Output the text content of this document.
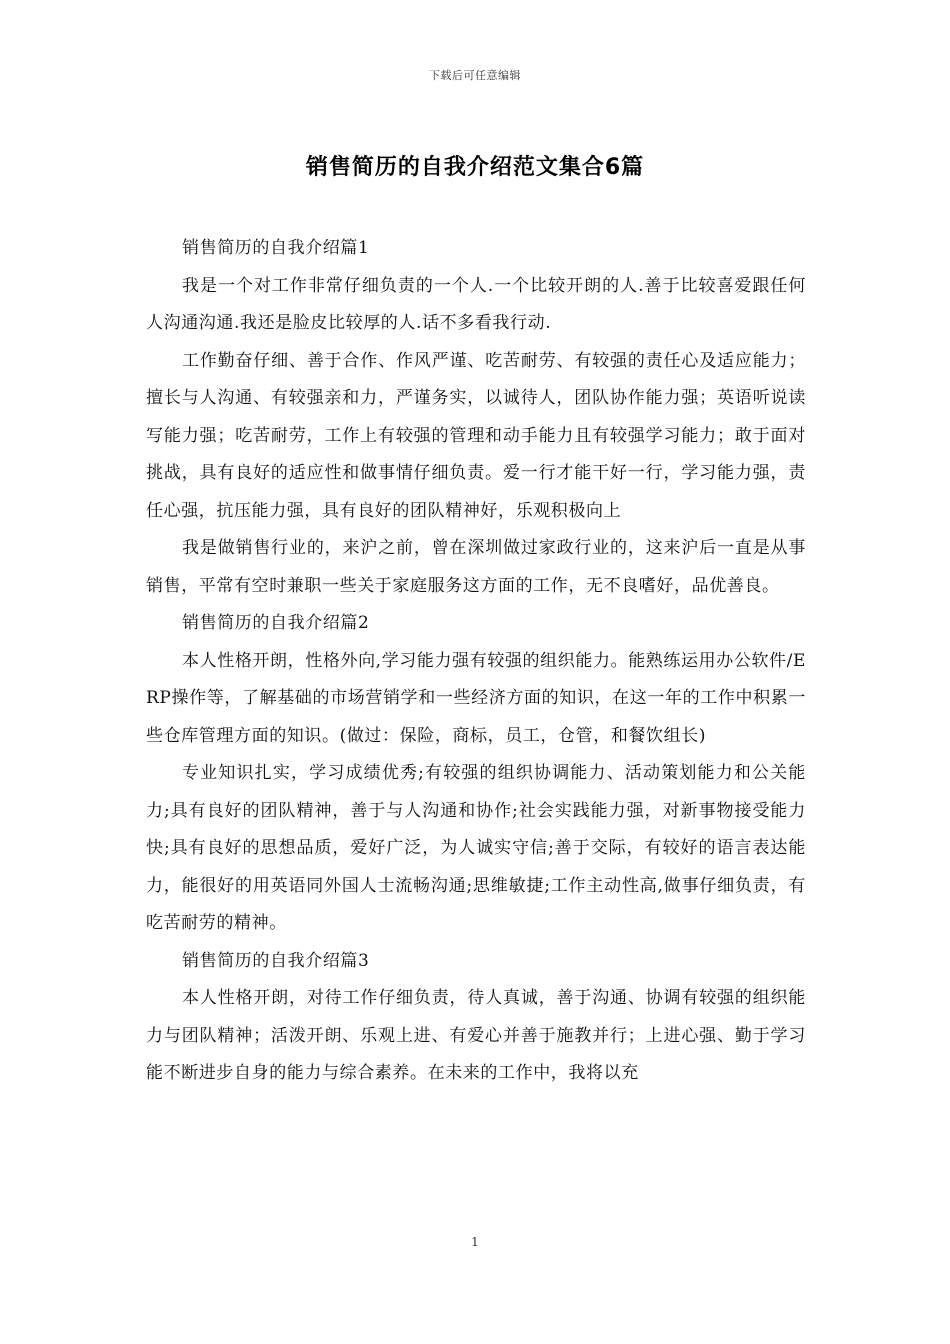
下载后可任意编辑
销售简历的自我介绍范文集合6篇

销售简历的自我介绍篇1

我是一个对工作非常仔细负责的一个人.一个比较开朗的人.善于比较喜爱跟任何人沟通沟通.我还是脸皮比较厚的人.话不多看我行动.

工作勤奋仔细、善于合作、作风严谨、吃苦耐劳、有较强的责任心及适应能力；擅长与人沟通、有较强亲和力，严谨务实，以诚待人，团队协作能力强；英语听说读写能力强；吃苦耐劳，工作上有较强的管理和动手能力且有较强学习能力；敢于面对挑战，具有良好的适应性和做事情仔细负责。爱一行才能干好一行，学习能力强，责任心强，抗压能力强，具有良好的团队精神好，乐观积极向上

我是做销售行业的，来沪之前，曾在深圳做过家政行业的，这来沪后一直是从事销售，平常有空时兼职一些关于家庭服务这方面的工作，无不良嗜好，品优善良。

销售简历的自我介绍篇2

本人性格开朗，性格外向,学习能力强有较强的组织能力。能熟练运用办公软件/ERP操作等，了解基础的市场营销学和一些经济方面的知识，在这一年的工作中积累一些仓库管理方面的知识。(做过：保险，商标，员工，仓管，和餐饮组长)

专业知识扎实，学习成绩优秀;有较强的组织协调能力、活动策划能力和公关能力;具有良好的团队精神，善于与人沟通和协作;社会实践能力强，对新事物接受能力快;具有良好的思想品质，爱好广泛，为人诚实守信;善于交际，有较好的语言表达能力，能很好的用英语同外国人士流畅沟通;思维敏捷;工作主动性高,做事仔细负责，有吃苦耐劳的精神。

销售简历的自我介绍篇3

本人性格开朗，对待工作仔细负责，待人真诚，善于沟通、协调有较强的组织能力与团队精神；活泼开朗、乐观上进、有爱心并善于施教并行；上进心强、勤于学习能不断进步自身的能力与综合素养。在未来的工作中，我将以充

1
